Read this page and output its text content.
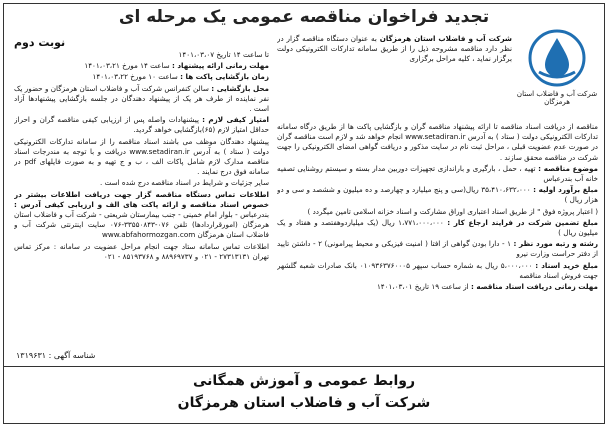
تجدید فراخوان مناقصه عمومی یک مرحله ای
نوبت دوم
شرکت آب و فاضلاب استان هرمزگان

شرکت آب و فاضلاب استان هرمزگان به عنوان دستگاه مناقصه گزار در نظر دارد مناقصه مشروحه ذیل را از طریق سامانه تدارکات الکترونیکی دولت برگزار نماید ، کلیه مراحل برگزاری

مناقصه از دریافت اسناد مناقصه تا ارائه پیشنهاد مناقصه گران و بازگشایی پاکت ها از طریق درگاه سامانه تدارکات الکترونیکی دولت ( ستاد ) به آدرس www.setadiran.ir انجام خواهد شد و لازم است مناقصه گران در صورت عدم عضویت قبلی ، مراحل ثبت نام در سایت مذکور و دریافت گواهی امضای الکترونیکی را جهت شرکت در مناقصه محقق سازند .

موضوع مناقصه : تهیه ، حمل ، بارگیری و باراندازی تجهیزات دوربین مدار بسته و سیستم روشنایی تصفیه خانه آب بندرعباس

مبلغ برآورد اولیه : ۳۵،۴۱۰،۶۳۲،۰۰۰ ریال(سی و پنج میلیارد و چهارصد و ده میلیون و ششصد و سی و دو هزار ریال )

( اعتبار پروژه فوق " از طریق اسناد اعتباری اوراق مشارکت و اسناد خزانه اسلامی تامین میگردد )

مبلغ تضمین شرکت در فرایند ارجاع کار : ۱،۷۷۱،۰۰۰،۰۰۰ ریال (یک میلیاردوهفتصد و هفتاد و یک میلیون ریال )

رشته و رتبه مورد نظر : ۱ - دارا بودن گواهی از افتا ( امنیت فیزیکی و محیط پیرامونی) ۲ - داشتن تایید از دفتر حراست وزارت نیرو

مبلغ خرید اسناد : ۵،۰۰۰،۰۰۰ ریال به شماره حساب سپهر ۰۱۰۹۳۶۳۷۶۰۰۰۵ بانک صادرات شعبه گلشهر جهت فروش اسناد مناقصه

مهلت زمانی دریافت اسناد مناقصه : از ساعت ۱۹ تاریخ ۱۴۰۱،۰۳،۰۱

تا ساعت ۱۴ تاریخ ۱۴۰۱،۰۳،۰۷

مهلت زمانی ارائه پیشنهاد : ساعت ۱۴ مورخ ۱۴۰۱،۰۳،۲۱

زمان بازگشایی پاکت ها : ساعت ۱۰ مورخ ۱۴۰۱،۰۳،۲۲

محل بازگشایی : سالن کنفرانس شرکت آب و فاضلاب استان هرمزگان و حضور یک نفر نماینده از طرف هر یک از پیشنهاد دهندگان در جلسه بازگشایی پیشنهادها آزاد است .

امتیاز کیفی لازم : پیشنهادات واصله پس از ارزیابی کیفی مناقصه گران و احراز حداقل امتیاز لازم (۶۵)بازگشایی خواهد گردید.

پیشنهاد دهندگان موظف می باشند اسناد مناقصه را از سامانه تدارکات الکترونیکی دولت ( ستاد ) به آدرس www.setadiran.ir دریافت و با توجه به مندرجات اسناد مناقصه مدارک لازم شامل پاکات الف ، ب و ج تهیه و به صورت فایلهای pdf در سامانه فوق درج نمایند .

سایر جزئیات و شرایط در اسناد مناقصه درج شده است .

اطلاعات تماس دستگاه مناقصه گزار جهت دریافت اطلاعات بیشتر در خصوص اسناد مناقصه و ارائه پاکت های الف و ارزیابی کیفی آدرس : بندرعباس - بلوار امام خمینی - جنب بیمارستان شریعتی - شرکت آب و فاضلاب استان هرمزگان (امورقراردادها) تلفن ۰۷۶-۳۳۵۵۰۸۴۳-۰۷۶ سایت اینترنتی شرکت آب و فاضلاب استان هرمزگان www.abfahormozgan.com

اطلاعات تماس سامانه ستاد جهت انجام مراحل عضویت در سامانه : مرکز تماس تهران ۲۷۳۱۳۱۳۱ - ۰۲۱ و ۸۸۹۶۹۷۳۷ و ۸۵۱۹۳۷۶۸ - ۰۲۱

شناسه آگهی : ۱۳۱۹۶۳۱
روابط عمومی و آموزش همگانی
شرکت آب و فاضلاب استان هرمزگان
